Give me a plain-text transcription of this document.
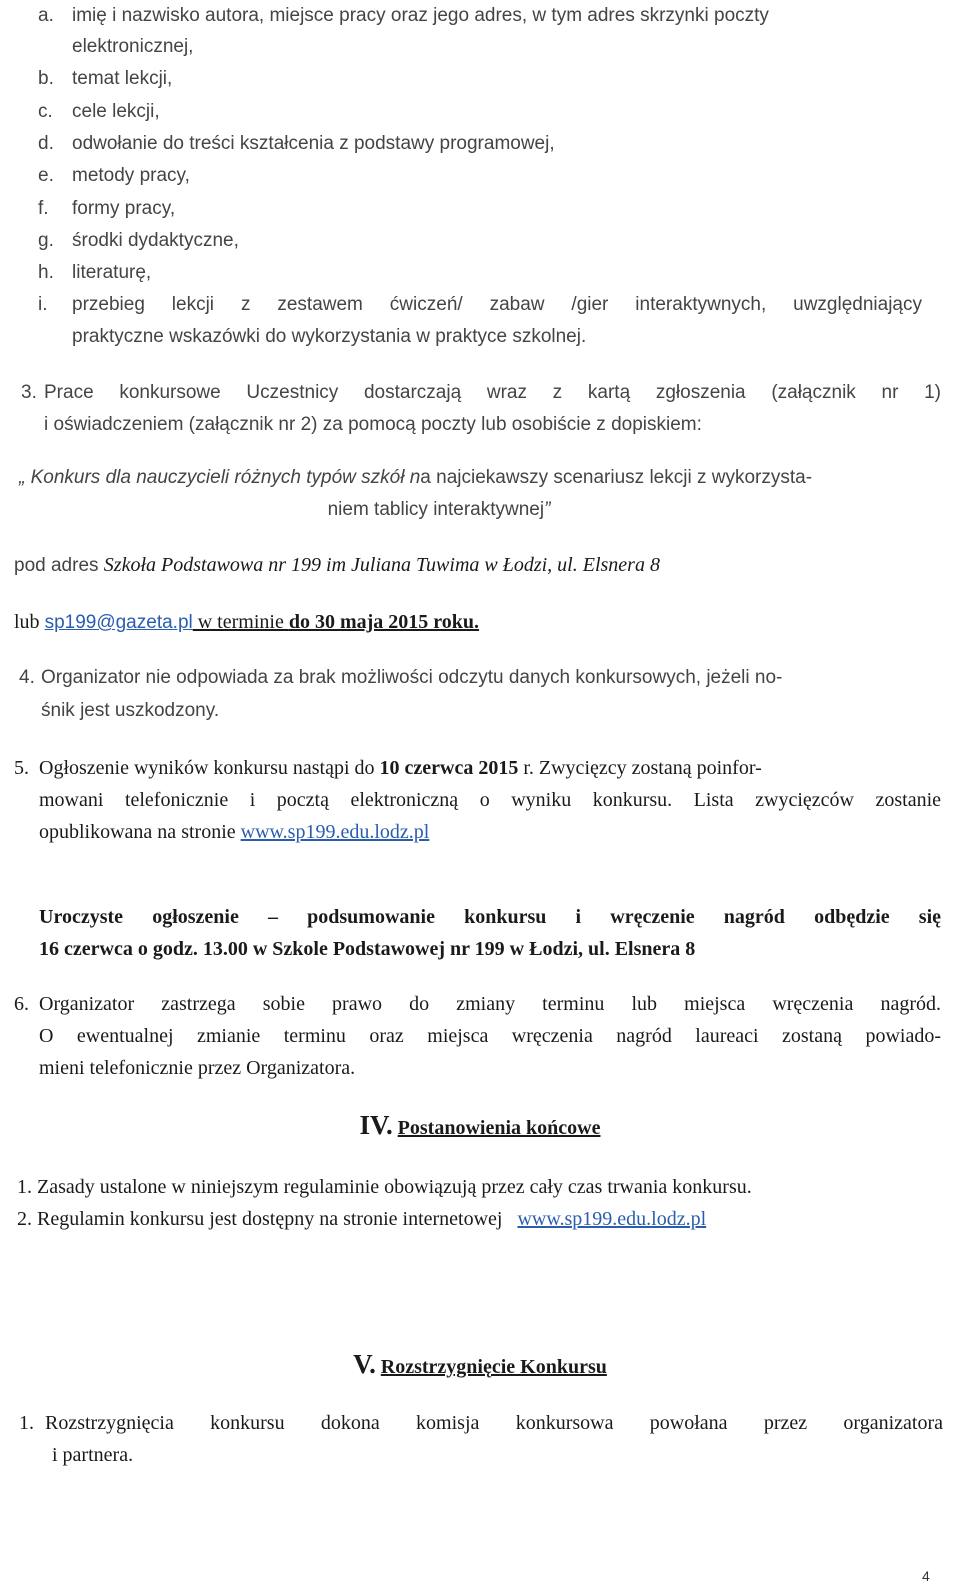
a. imię i nazwisko autora, miejsce pracy oraz jego adres, w tym adres skrzynki poczty
elektronicznej,
b. temat lekcji,
c.	cele lekcji,
d. odwołanie do treści kształcenia z podstawy programowej,
e. metody pracy,
f.	formy pracy,
g. środki dydaktyczne,
h. literaturę,
i.	przebieg lekcji z zestawem ćwiczeń/ zabaw /gier interaktywnych, uwzględniający
praktyczne wskazówki do wykorzystania w praktyce szkolnej.
3. Prace konkursowe Uczestnicy dostarczają wraz z kartą zgłoszenia (załącznik nr 1)
i oświadczeniem (załącznik nr 2) za pomocą poczty lub osobiście z dopiskiem:
„ Konkurs dla nauczycieli różnych typów szkół na najciekawszy scenariusz lekcji z wykorzysta-
niem tablicy interaktywnej”
pod adres Szkoła Podstawowa nr 199 im Juliana Tuwima w Łodzi, ul. Elsnera 8
lub sp199@gazeta.pl w terminie do 30 maja 2015 roku.
4. Organizator nie odpowiada za brak możliwości odczytu danych konkursowych, jeżeli no-
śnik jest uszkodzony.
5. Ogłoszenie wyników konkursu nastąpi do 10 czerwca 2015 r. Zwycięzcy zostaną poinfor-
mowani telefonicznie i pocztą elektroniczną o wyniku konkursu. Lista zwycięzców zostanie
opublikowana na stronie www.sp199.edu.lodz.pl
Uroczyste ogłoszenie – podsumowanie konkursu i wręczenie nagród odbędzie się
16 czerwca o godz. 13.00 w Szkole Podstawowej nr 199 w Łodzi, ul. Elsnera 8
6. Organizator zastrzega sobie prawo do zmiany terminu lub miejsca wręczenia nagród.
O ewentualnej zmianie terminu oraz miejsca wręczenia nagród laureaci zostaną powiado-
mieni telefonicznie przez Organizatora.
IV. Postanowienia końcowe
1. Zasady ustalone w niniejszym regulaminie obowiązują przez cały czas trwania konkursu.
2. Regulamin konkursu jest dostępny na stronie internetowej   www.sp199.edu.lodz.pl
V. Rozstrzygnięcie Konkursu
1. Rozstrzygnięcia konkursu dokona komisja konkursowa powołana przez organizatora
i partnera.
4
